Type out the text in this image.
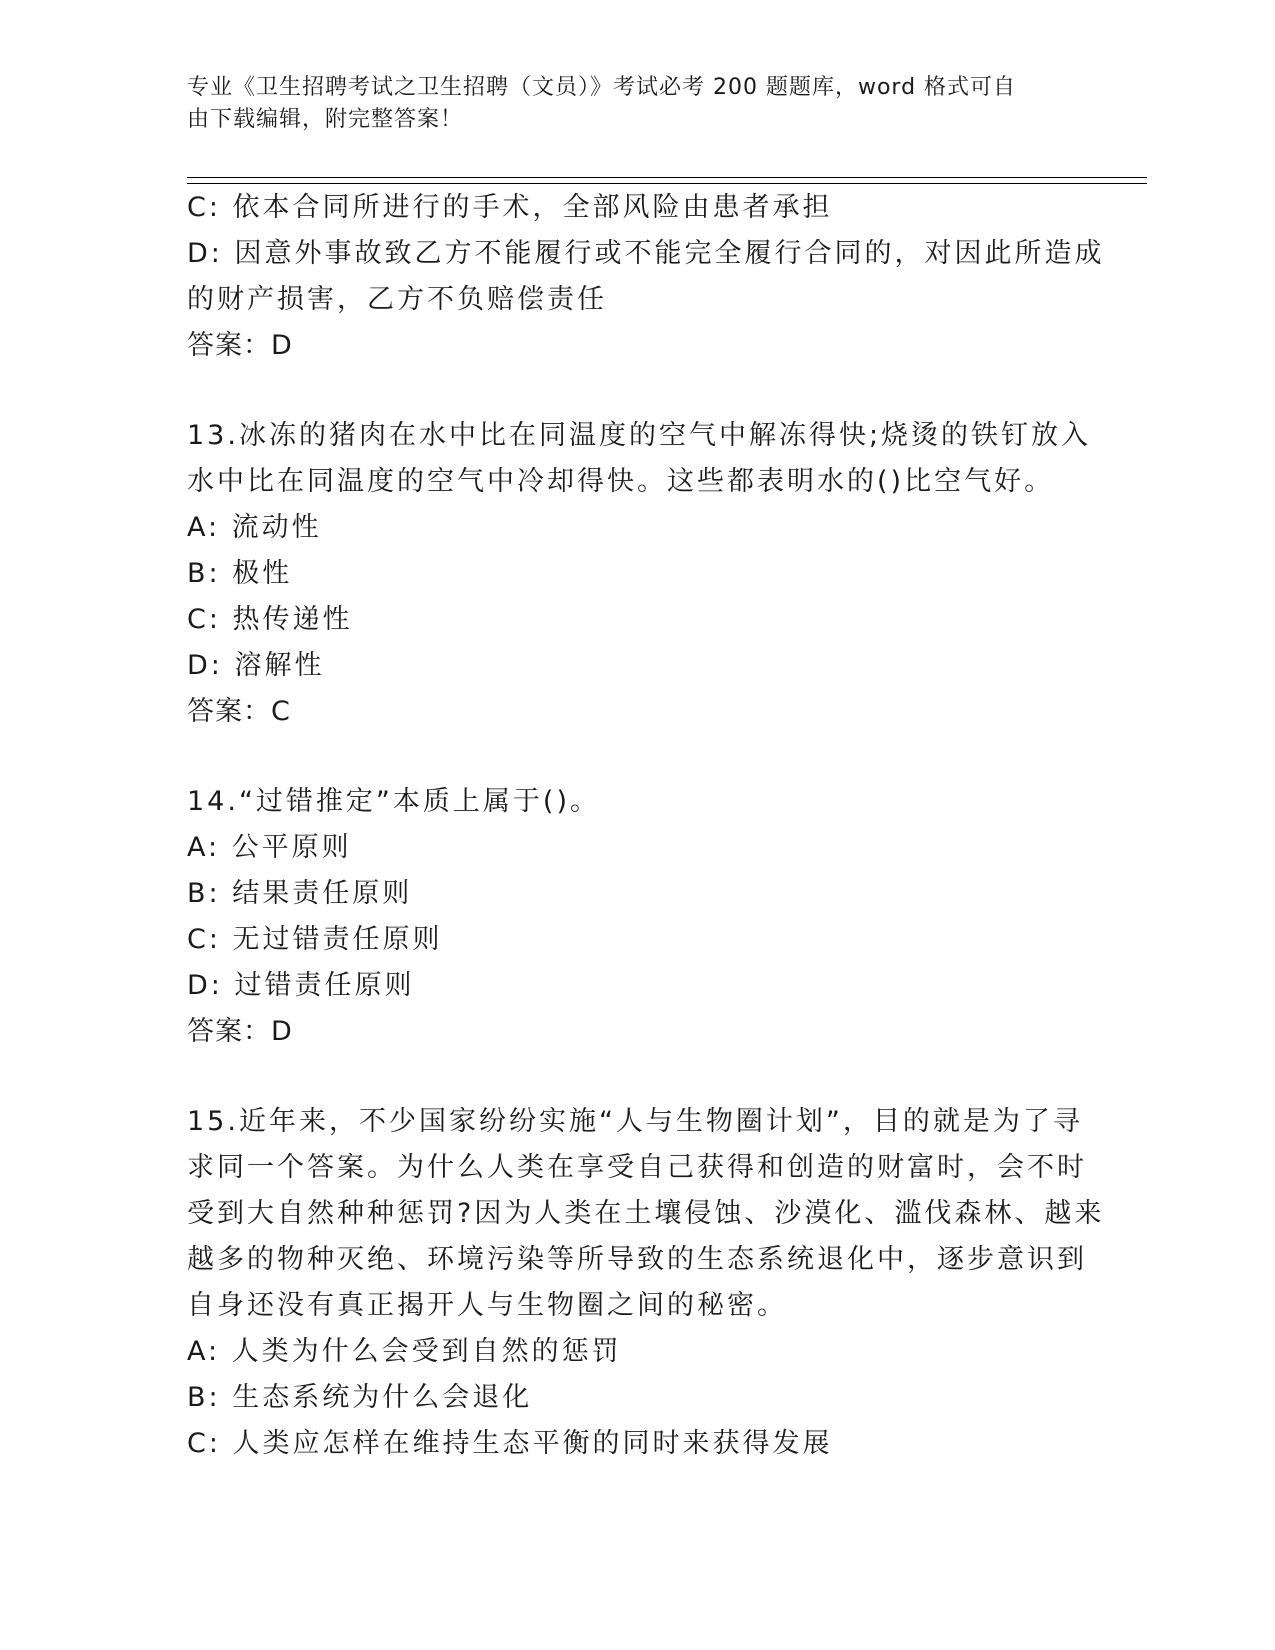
专业《卫生招聘考试之卫生招聘（文员）》考试必考 200 题题库，word 格式可自
由下载编辑，附完整答案！
C: 依本合同所进行的手术，全部风险由患者承担
D: 因意外事故致乙方不能履行或不能完全履行合同的，对因此所造成
的财产损害，乙方不负赔偿责任
答案：D
13.冰冻的猪肉在水中比在同温度的空气中解冻得快;烧烫的铁钉放入
水中比在同温度的空气中冷却得快。这些都表明水的()比空气好。
A: 流动性
B: 极性
C: 热传递性
D: 溶解性
答案：C
14.“过错推定”本质上属于()。
A: 公平原则
B: 结果责任原则
C: 无过错责任原则
D: 过错责任原则
答案：D
15.近年来，不少国家纷纷实施“人与生物圈计划”，目的就是为了寻
求同一个答案。为什么人类在享受自己获得和创造的财富时，会不时
受到大自然种种惩罚?因为人类在土壤侵蚀、沙漠化、滥伐森林、越来
越多的物种灭绝、环境污染等所导致的生态系统退化中，逐步意识到
自身还没有真正揭开人与生物圈之间的秘密。
A: 人类为什么会受到自然的惩罚
B: 生态系统为什么会退化
C: 人类应怎样在维持生态平衡的同时来获得发展
